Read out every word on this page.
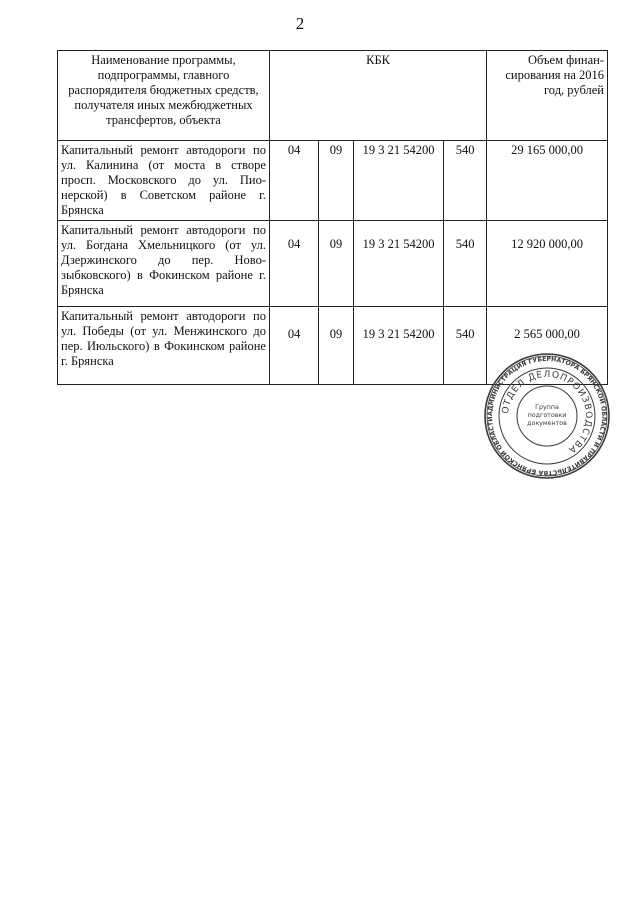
2
Наименование программы, подпрограммы, главного распорядителя бюджетных средств, получателя иных межбюджетных трансфертов, объекта	КБК				Объем финан-сирования на 2016 год, рублей
Капитальный ремонт автодороги по ул. Калинина (от моста в створе просп. Московского до ул. Пио-нерской) в Советском районе г. Брянска	04	09	19 3 21 54200	540	29 165 000,00
Капитальный ремонт автодороги по ул. Богдана Хмельницкого (от ул. Дзержинского до пер. Ново-зыбковского) в Фокинском районе г. Брянска	04	09	19 3 21 54200	540	12 920 000,00
Капитальный ремонт автодороги по ул. Победы (от ул. Менжинского до пер. Июльского) в Фокинском районе г. Брянска	04	09	19 3 21 54200	540	2 565 000,00
АДМИНИСТРАЦИЯ ГУБЕРНАТОРА БРЯНСКОЙ ОБЛАСТИ И ПРАВИТЕЛЬСТВА БРЯНСКОЙ ОБЛАСТИ
ОТДЕЛ ДЕЛОПРОИЗВОДСТВА
Группа
подготовки
документов
